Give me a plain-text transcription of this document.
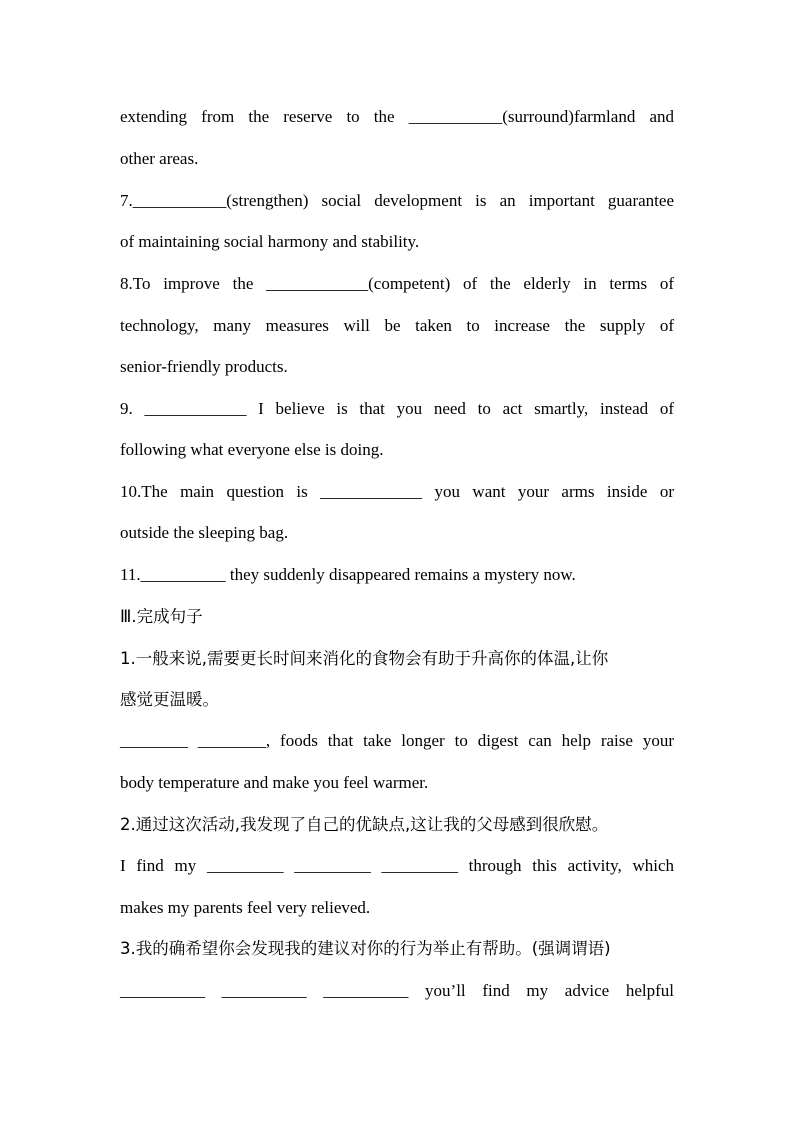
extending from the reserve to the ___________(surround)farmland and
other areas.
7.___________(strengthen) social development is an important guarantee
of maintaining social harmony and stability.
8.To improve the ____________(competent) of the elderly in terms of
technology, many measures will be taken to increase the supply of
senior-friendly products.
9. ____________ I believe is that you need to act smartly, instead of
following what everyone else is doing.
10.The main question is ____________ you want your arms inside or
outside the sleeping bag.
11.__________ they suddenly disappeared remains a mystery now.
Ⅲ.完成句子
1.一般来说,需要更长时间来消化的食物会有助于升高你的体温,让你
感觉更温暖。
________ ________, foods that take longer to digest can help raise your
body temperature and make you feel warmer.
2.通过这次活动,我发现了自己的优缺点,这让我的父母感到很欣慰。
I find my _________ _________ _________ through this activity, which
makes my parents feel very relieved.
3.我的确希望你会发现我的建议对你的行为举止有帮助。(强调谓语)
__________ __________ __________ you’ll find my advice helpful
